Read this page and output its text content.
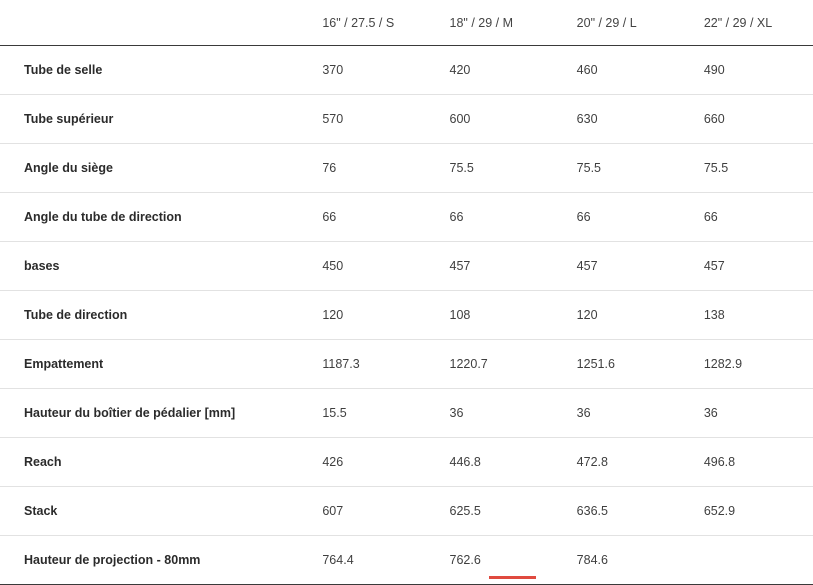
	16" / 27.5 / S	18" / 29 / M	20" / 29 / L	22" / 29 / XL
Tube de selle	370	420	460	490
Tube supérieur	570	600	630	660
Angle du siège	76	75.5	75.5	75.5
Angle du tube de direction	66	66	66	66
bases	450	457	457	457
Tube de direction	120	108	120	138
Empattement	1187.3	1220.7	1251.6	1282.9
Hauteur du boîtier de pédalier [mm]	15.5	36	36	36
Reach	426	446.8	472.8	496.8
Stack	607	625.5	636.5	652.9
Hauteur de projection - 80mm	764.4	762.6	784.6	
